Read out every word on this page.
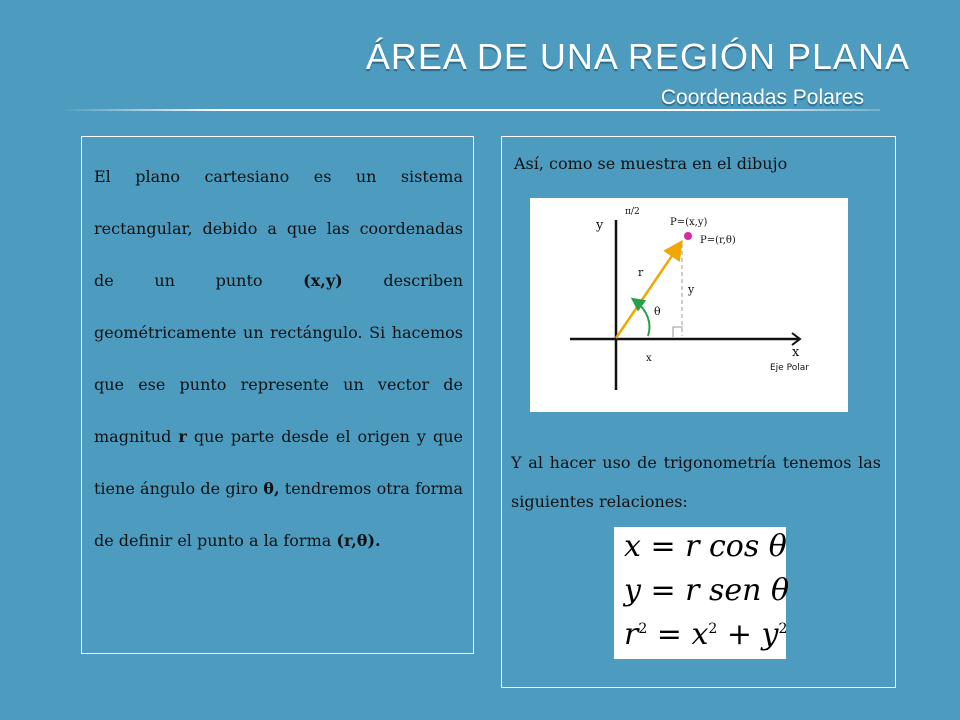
ÁREA DE UNA REGIÓN PLANA
Coordenadas Polares

El plano cartesiano es un sistema rectangular, debido a que las coordenadas de un punto (x,y) describen geométricamente un rectángulo. Si hacemos que ese punto represente un vector de magnitud r que parte desde el origen y que tiene ángulo de giro θ, tendremos otra forma de definir el punto a la forma (r,θ).

Así, como se muestra en el dibujo

y
π/2
P=(x,y)
P=(r,θ)
r
y
θ
x	x
Eje Polar

Y al hacer uso de trigonometría tenemos las siguientes relaciones:

x = r cos θ
y = r sen θ
$r^2 = x^2 + y^2$
